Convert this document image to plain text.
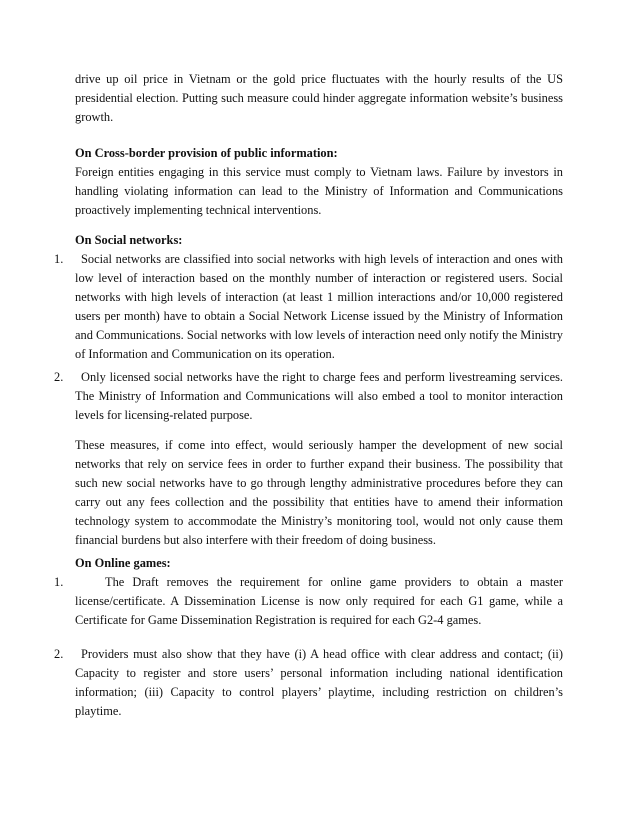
drive up oil price in Vietnam or the gold price fluctuates with the hourly results of the US presidential election. Putting such measure could hinder aggregate information website’s business growth.

On Cross-border provision of public information:

Foreign entities engaging in this service must comply to Vietnam laws. Failure by investors in handling violating information can lead to the Ministry of Information and Communications proactively implementing technical interventions.

On Social networks:

1.	Social networks are classified into social networks with high levels of interaction and ones with low level of interaction based on the monthly number of interaction or registered users. Social networks with high levels of interaction (at least 1 million interactions and/or 10,000 registered users per month) have to obtain a Social Network License issued by the Ministry of Information and Communications. Social networks with low levels of interaction need only notify the Ministry of Information and Communication on its operation.

2.	Only licensed social networks have the right to charge fees and perform livestreaming services. The Ministry of Information and Communications will also embed a tool to monitor interaction levels for licensing-related purpose.

These measures, if come into effect, would seriously hamper the development of new social networks that rely on service fees in order to further expand their business. The possibility that such new social networks have to go through lengthy administrative procedures before they can carry out any fees collection and the possibility that entities have to amend their information technology system to accommodate the Ministry’s monitoring tool, would not only cause them financial burdens but also interfere with their freedom of doing business.

On Online games:

1.	The Draft removes the requirement for online game providers to obtain a master license/certificate. A Dissemination License is now only required for each G1 game, while a Certificate for Game Dissemination Registration is required for each G2-4 games.

2.	Providers must also show that they have (i) A head office with clear address and contact; (ii) Capacity to register and store users’ personal information including national identification information; (iii) Capacity to control players’ playtime, including restriction on children’s playtime.
